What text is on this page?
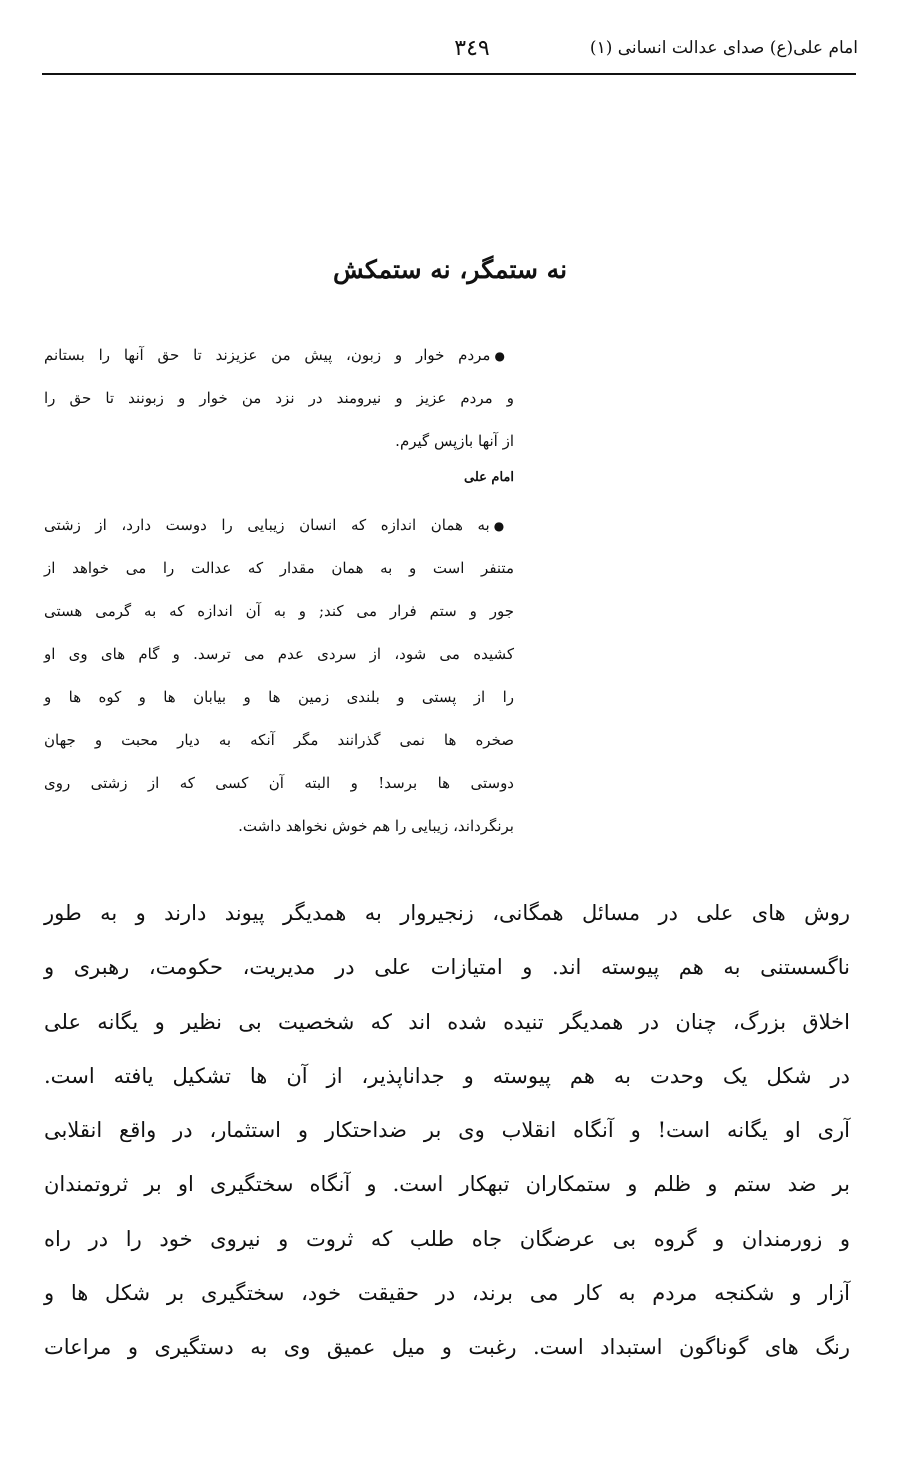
امام علی(ع) صدای عدالت انسانی (۱)
۳٤۹
نه ستمگر، نه ستمکش
●مردم خوار و زبون، پیش من عزیزند تا حق آنها را بستانم
و مردم عزیز و نیرومند در نزد من خوار و زبونند تا حق را
از آنها بازپس گیرم.
امام علی
●به همان اندازه که انسان زیبایی را دوست دارد، از زشتی
متنفر است و به همان مقدار که عدالت را می خواهد از
جور و ستم فرار می کند; و به آن اندازه که به گرمی هستی
کشیده می شود، از سردی عدم می ترسد. و گام های وی او
را از پستی و بلندی زمین ها و بیابان ها و کوه ها و
صخره ها نمی گذرانند مگر آنکه به دیار محبت و جهان
دوستی ها برسد! و البته آن کسی که از زشتی روی
برنگرداند، زیبایی را هم خوش نخواهد داشت.
روش های علی در مسائل همگانی، زنجیروار به همدیگر پیوند دارند و به طور
ناگسستنی به هم پیوسته اند. و امتیازات علی در مدیریت، حکومت، رهبری و
اخلاق بزرگ، چنان در همدیگر تنیده شده اند که شخصیت بی نظیر و یگانه علی
در شکل یک وحدت به هم پیوسته و جداناپذیر، از آن ها تشکیل یافته است.
آری او یگانه است! و آنگاه انقلاب وی بر ضداحتکار و استثمار، در واقع انقلابی
بر ضد ستم و ظلم و ستمکاران تبهکار است. و آنگاه سختگیری او بر ثروتمندان
و زورمندان و گروه بی عرضگان جاه طلب که ثروت و نیروی خود را در راه
آزار و شکنجه مردم به کار می برند، در حقیقت خود، سختگیری بر شکل ها و
رنگ های گوناگون استبداد است. رغبت و میل عمیق وی به دستگیری و مراعات
